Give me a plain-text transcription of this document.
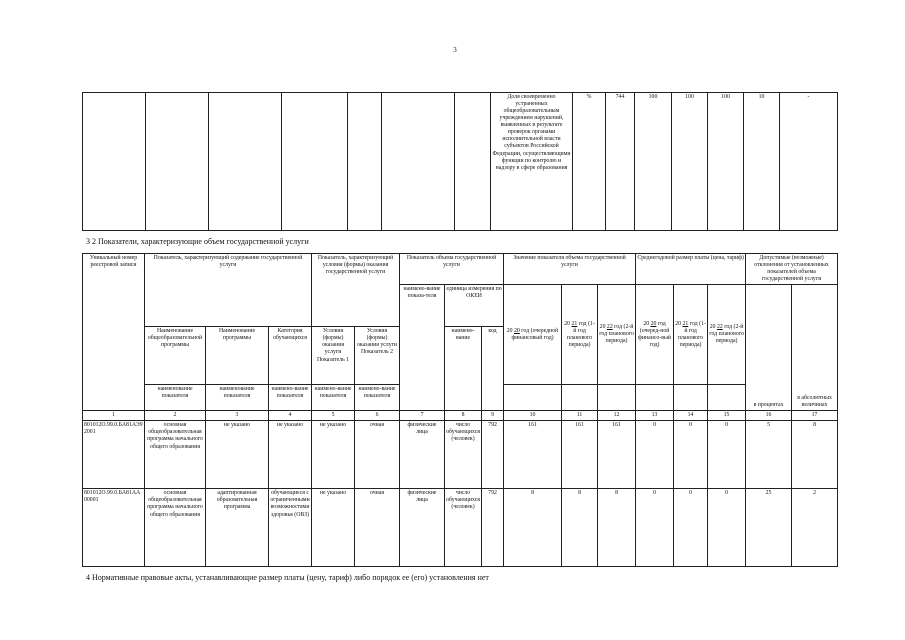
3
							Доля своевременно устраненных общеобразовательным учреждением нарушений, выявленных в результате проверок органами исполнительной власти субъектов Российской Федерации, осуществляющими функции по контролю и надзору в сфере образования	%	744	100	100	100	10	-
3 2 Показатели, характеризующие объем государственной услуги
Уникальный номер реестровой записи	Показатель, характеризующий содержание государственной услуги			Показатель, характеризующий условия (формы) оказания государственной услуги		Показатель объема государственной услуги			Значение показателя объема государственной услуги			Среднегодовой размер платы (цена, тариф)			Допустимые (возможные) отклонения от установленных показателей объема государственной услуги	
						наимено-вание показа-теля	единица измерения по ОКЕИ		20 20 год (очередной финансовый год)	20 21 год (1-й год планового периода)	20 22 год (2-й год планового периода)	20 20 год (очеред-ной финансо-вый год)	20 21 год (1-й год планового периода)	20 22 год (2-й год планового периода)	в процентах	в абсолютных величинах
	Наименование общеобразовательной программы	Наименование программы	Категория обучающихся	Условия (формы) оказания услуги Показатель 1	Условия (формы) оказания услуги Показатель 2		наимено-вание	код								
	наименование показателя	наименование показателя	наимено-вание показателя	наимено-вание показателя	наимено-вание показателя											
1	2	3	4	5	6	7	8	9	10	11	12	13	14	15	16	17
801012О.99.0.БА81АЭ92001	основная общеобразовательная программа начального общего образования	не указано	не указано	не указано	очная	физические лица	число обучающихся (человек)	792	161	161	161	0	0	0	5	8
801012О.99.0.БА81АА00001	основная общеобразовательная программа начального общего образования	адаптированная образовательная программа	обучающиеся с ограниченными возможностями здоровья (ОВЗ)	не указано	очная	физические лица	число обучающихся (человек)	792	8	8	8	0	0	0	25	2
4 Нормативные правовые акты, устанавливающие размер платы (цену, тариф) либо порядок ее (его) установления нет
